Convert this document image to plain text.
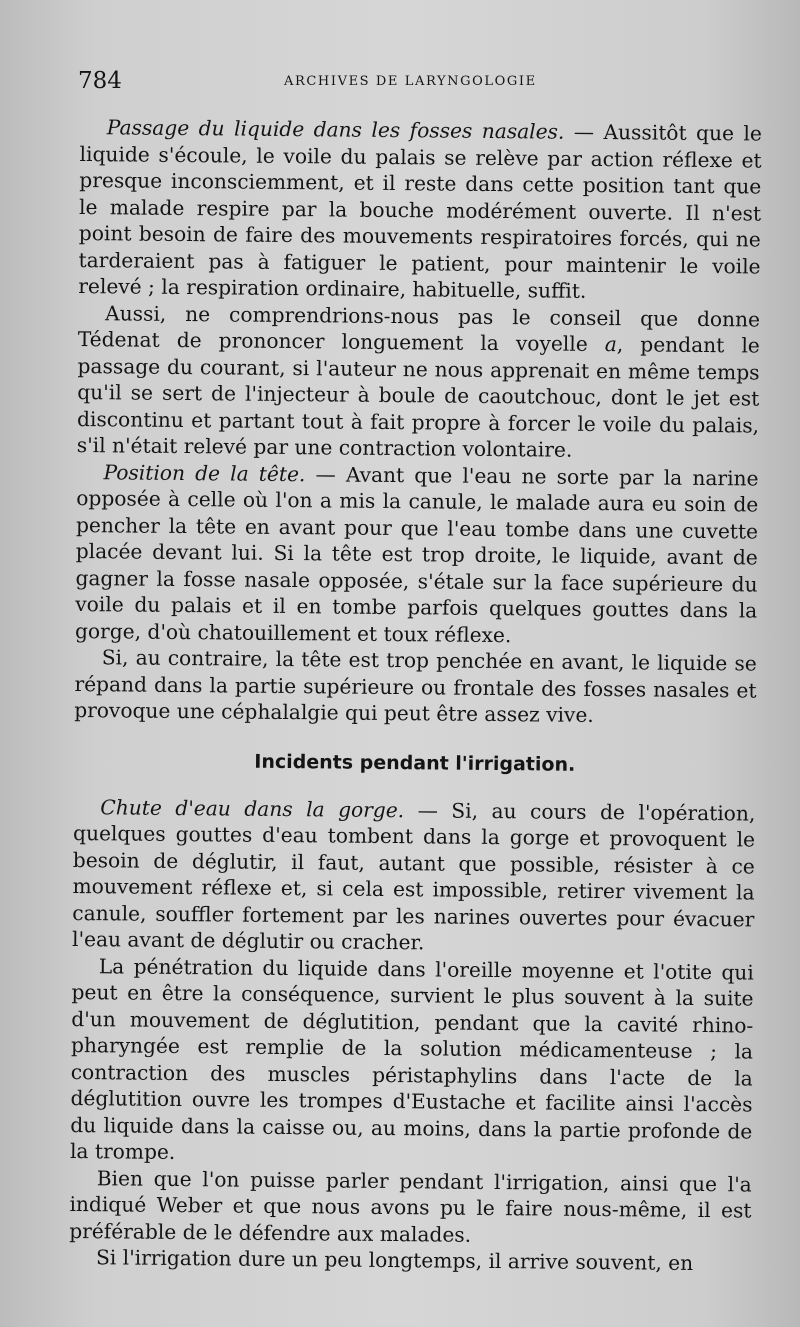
784	ARCHIVES DE LARYNGOLOGIE

Passage du liquide dans les fosses nasales. — Aussitôt que le liquide s'écoule, le voile du palais se relève par action réflexe et presque inconsciemment, et il reste dans cette position tant que le malade respire par la bouche modérément ouverte. Il n'est point besoin de faire des mouvements respiratoires forcés, qui ne tarderaient pas à fatiguer le patient, pour maintenir le voile relevé ; la respiration ordinaire, habituelle, suffit.

Aussi, ne comprendrions-nous pas le conseil que donne Tédenat de prononcer longuement la voyelle a, pendant le passage du courant, si l'auteur ne nous apprenait en même temps qu'il se sert de l'injecteur à boule de caoutchouc, dont le jet est discontinu et partant tout à fait propre à forcer le voile du palais, s'il n'était relevé par une contraction volontaire.

Position de la tête. — Avant que l'eau ne sorte par la narine opposée à celle où l'on a mis la canule, le malade aura eu soin de pencher la tête en avant pour que l'eau tombe dans une cuvette placée devant lui. Si la tête est trop droite, le liquide, avant de gagner la fosse nasale opposée, s'étale sur la face supérieure du voile du palais et il en tombe parfois quelques gouttes dans la gorge, d'où chatouillement et toux réflexe.

Si, au contraire, la tête est trop penchée en avant, le liquide se répand dans la partie supérieure ou frontale des fosses nasales et provoque une céphalalgie qui peut être assez vive.

Incidents pendant l'irrigation.

Chute d'eau dans la gorge. — Si, au cours de l'opération, quelques gouttes d'eau tombent dans la gorge et provoquent le besoin de déglutir, il faut, autant que possible, résister à ce mouvement réflexe et, si cela est impossible, retirer vivement la canule, souffler fortement par les narines ouvertes pour évacuer l'eau avant de déglutir ou cracher.

La pénétration du liquide dans l'oreille moyenne et l'otite qui peut en être la conséquence, survient le plus souvent à la suite d'un mouvement de déglutition, pendant que la cavité rhino-pharyngée est remplie de la solution médicamenteuse ; la contraction des muscles péristaphylins dans l'acte de la déglutition ouvre les trompes d'Eustache et facilite ainsi l'accès du liquide dans la caisse ou, au moins, dans la partie profonde de la trompe.

Bien que l'on puisse parler pendant l'irrigation, ainsi que l'a indiqué Weber et que nous avons pu le faire nous-même, il est préférable de le défendre aux malades.

Si l'irrigation dure un peu longtemps, il arrive souvent, en
